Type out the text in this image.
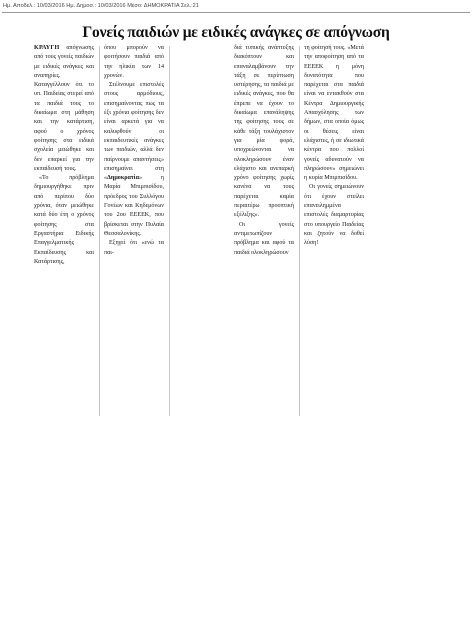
Ημ. Αποδελ.: 10/03/2016 Ημ. Δημοσ.: 10/03/2016 Μέσο: ΔΗΜΟΚΡΑΤΙΑ Σελ.:21
Γονείς παιδιών με ειδικές ανάγκες σε απόγνωση

ΚΡΑΥΓΗ απόγνωσης από τους γονείς παιδιών με ειδικές ανάγκες και αναπηρίες. Καταγγέλλουν ότι το υπ. Παιδείας στερεί από τα παιδιά τους το δικαίωμα στη μάθηση και την κατάρτιση, αφού ο χρόνος φοίτησης στα ειδικά σχολεία μειώθηκε και δεν επαρκεί για την εκπαίδευσή τους.

«Το πρόβλημα δημιουργήθηκε πριν από περίπου δύο χρόνια, όταν μειώθηκε κατά δύο έτη ο χρόνος φοίτησης στα Εργαστήρια Ειδικής Επαγγελματικής Εκπαίδευσης και Κατάρτισης,

όπου μπορούν να φοιτήσουν παιδιά από την ηλικία των 14 χρονών.

Στέλνουμε επιστολές στους αρμόδιους, επισημαίνοντας πως τα έξι χρόνια φοίτησης δεν είναι αρκετά για να καλυφθούν οι εκπαιδευτικές ανάγκες των παιδιών, αλλά δεν παίρνουμε απαντήσεις» επισημαίνει στη «Δημοκρατία» η Μαρία Μπιμπισίδου, πρόεδρος του Συλλόγου Γονέων και Κηδεμόνων του 2ου ΕΕΕΕΚ, που βρίσκεται στην Πυλαία Θεσσαλονίκης.

Εξηγεί ότι «ενώ τα παι-

διά τυπικής ανάπτυξης διακόπτουν και επαναλαμβάνουν την τάξη σε περίπτωση υστέρησης, τα παιδιά με ειδικές ανάγκες, που θα έπρεπε να έχουν το δικαίωμα επανάληψης της φοίτησης τους σε κάθε τάξη τουλάχιστον για μία φορά, υποχρεώνονται να ολοκληρώσουν έναν ελάχιστο και ανεπαρκή χρόνο φοίτησης χωρίς κανένα να τους παρέχεται καμία περαιτέρω προοπτική εξέλιξης».

Οι γονείς αντιμετωπίζουν πρόβλημα και αφού τα παιδιά ολοκληρώσουν

τη φοίτησή τους. «Μετά την αποφοίτηση από τα ΕΕΕΕΚ η μόνη δυνατότητα που παρέχεται στα παιδιά είναι να εντακθούν στα Κέντρα Δημιουργικής Απασχόλησης των δήμων, στα οποία όμως οι θέσεις είναι ελάχιστες, ή σε ιδιωτικά κέντρα που πολλοί γονείς αδυνατούν να πληρώσουν» σημειώνει η κυρία Μπιμπισίδου.

Οι γονείς σημειώνουν ότι έχουν στείλει επανειλημμένα επιστολές διαμαρτυρίας στο υπουργείο Παιδείας και ζητούν να δοθεί λύση!
